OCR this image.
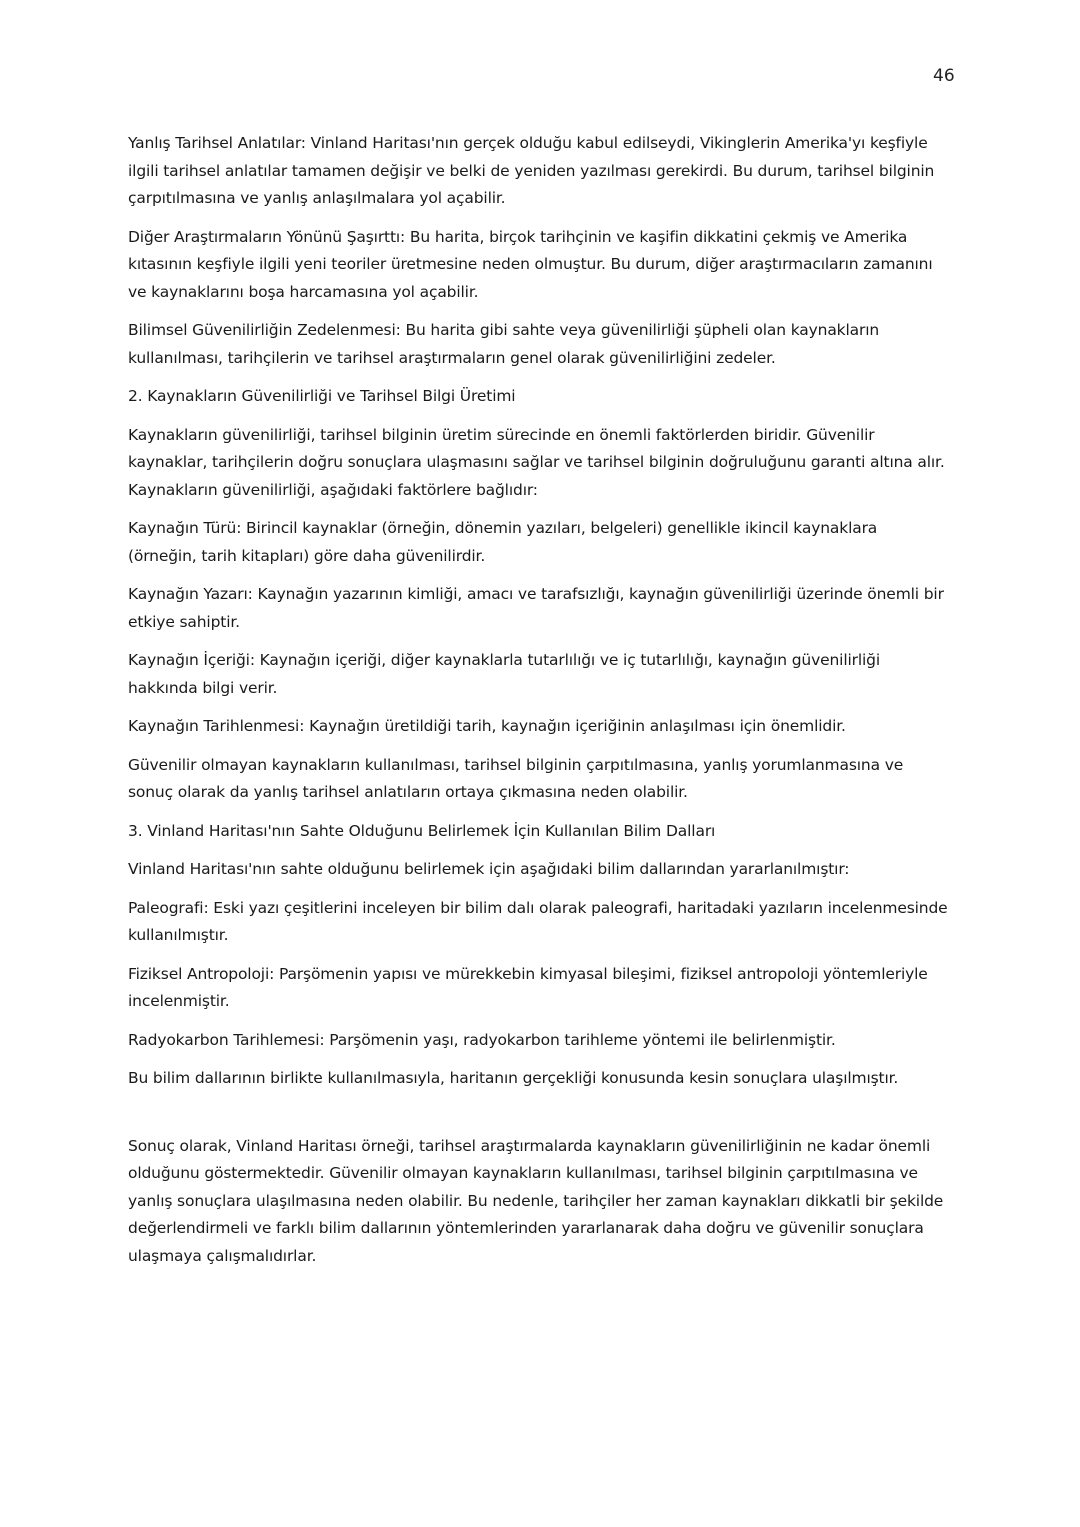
46

Yanlış Tarihsel Anlatılar: Vinland Haritası'nın gerçek olduğu kabul edilseydi, Vikinglerin Amerika'yı keşfiyle ilgili tarihsel anlatılar tamamen değişir ve belki de yeniden yazılması gerekirdi. Bu durum, tarihsel bilginin çarpıtılmasına ve yanlış anlaşılmalara yol açabilir.

Diğer Araştırmaların Yönünü Şaşırttı: Bu harita, birçok tarihçinin ve kaşifin dikkatini çekmiş ve Amerika kıtasının keşfiyle ilgili yeni teoriler üretmesine neden olmuştur. Bu durum, diğer araştırmacıların zamanını ve kaynaklarını boşa harcamasına yol açabilir.

Bilimsel Güvenilirliğin Zedelenmesi: Bu harita gibi sahte veya güvenilirliği şüpheli olan kaynakların kullanılması, tarihçilerin ve tarihsel araştırmaların genel olarak güvenilirliğini zedeler.

2. Kaynakların Güvenilirliği ve Tarihsel Bilgi Üretimi

Kaynakların güvenilirliği, tarihsel bilginin üretim sürecinde en önemli faktörlerden biridir. Güvenilir kaynaklar, tarihçilerin doğru sonuçlara ulaşmasını sağlar ve tarihsel bilginin doğruluğunu garanti altına alır. Kaynakların güvenilirliği, aşağıdaki faktörlere bağlıdır:

Kaynağın Türü: Birincil kaynaklar (örneğin, dönemin yazıları, belgeleri) genellikle ikincil kaynaklara (örneğin, tarih kitapları) göre daha güvenilirdir.

Kaynağın Yazarı: Kaynağın yazarının kimliği, amacı ve tarafsızlığı, kaynağın güvenilirliği üzerinde önemli bir etkiye sahiptir.

Kaynağın İçeriği: Kaynağın içeriği, diğer kaynaklarla tutarlılığı ve iç tutarlılığı, kaynağın güvenilirliği hakkında bilgi verir.

Kaynağın Tarihlenmesi: Kaynağın üretildiği tarih, kaynağın içeriğinin anlaşılması için önemlidir.

Güvenilir olmayan kaynakların kullanılması, tarihsel bilginin çarpıtılmasına, yanlış yorumlanmasına ve sonuç olarak da yanlış tarihsel anlatıların ortaya çıkmasına neden olabilir.

3. Vinland Haritası'nın Sahte Olduğunu Belirlemek İçin Kullanılan Bilim Dalları

Vinland Haritası'nın sahte olduğunu belirlemek için aşağıdaki bilim dallarından yararlanılmıştır:

Paleografi: Eski yazı çeşitlerini inceleyen bir bilim dalı olarak paleografi, haritadaki yazıların incelenmesinde kullanılmıştır.

Fiziksel Antropoloji: Parşömenin yapısı ve mürekkebin kimyasal bileşimi, fiziksel antropoloji yöntemleriyle incelenmiştir.

Radyokarbon Tarihlemesi: Parşömenin yaşı, radyokarbon tarihleme yöntemi ile belirlenmiştir.

Bu bilim dallarının birlikte kullanılmasıyla, haritanın gerçekliği konusunda kesin sonuçlara ulaşılmıştır.

Sonuç olarak, Vinland Haritası örneği, tarihsel araştırmalarda kaynakların güvenilirliğinin ne kadar önemli olduğunu göstermektedir. Güvenilir olmayan kaynakların kullanılması, tarihsel bilginin çarpıtılmasına ve yanlış sonuçlara ulaşılmasına neden olabilir. Bu nedenle, tarihçiler her zaman kaynakları dikkatli bir şekilde değerlendirmeli ve farklı bilim dallarının yöntemlerinden yararlanarak daha doğru ve güvenilir sonuçlara ulaşmaya çalışmalıdırlar.
